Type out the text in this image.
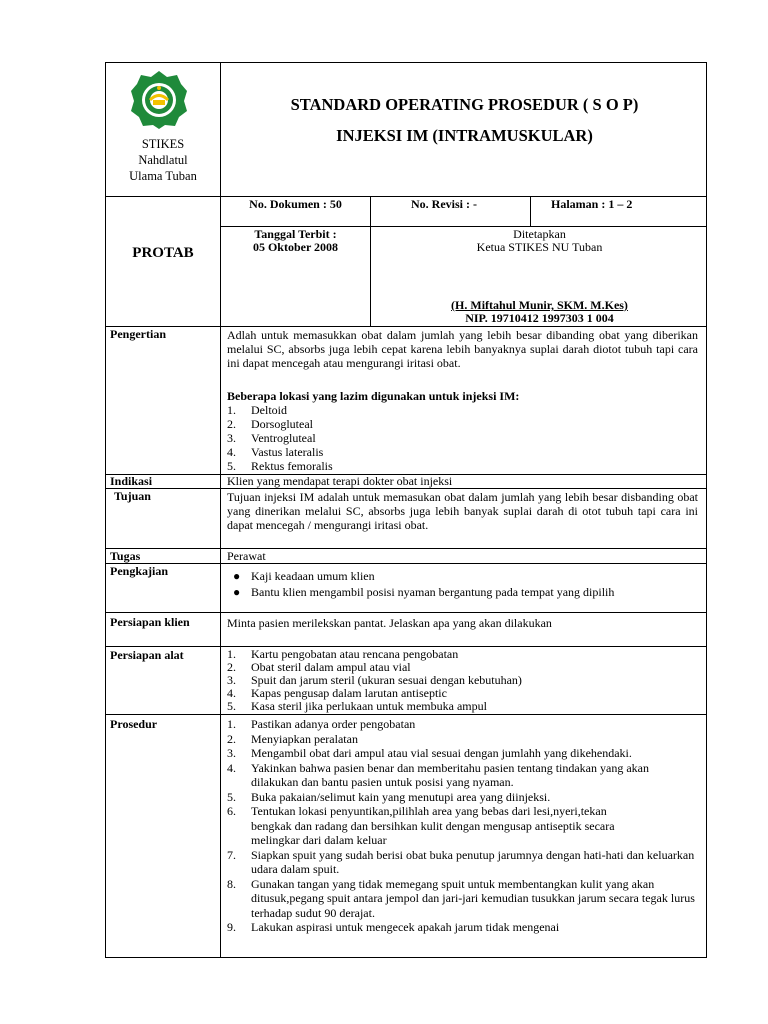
STIKES
Nahdlatul
Ulama Tuban
STANDARD OPERATING PROSEDUR ( S O P)
INJEKSI IM (INTRAMUSKULAR)
PROTAB
No. Dokumen : 50	No. Revisi : -	Halaman : 1 – 2
Tanggal Terbit :
05 Oktober 2008
Ditetapkan
Ketua STIKES NU Tuban
(H. Miftahul Munir, SKM. M.Kes)
NIP. 19710412 1997303 1 004
Pengertian	Adlah untuk memasukkan obat dalam jumlah yang lebih besar dibanding obat yang diberikan melalui SC, absorbs juga lebih cepat karena lebih banyaknya suplai darah diotot tubuh tapi cara ini dapat mencegah atau mengurangi iritasi obat.
Beberapa lokasi yang lazim digunakan untuk injeksi IM:
1. Deltoid
2. Dorsogluteal
3. Ventrogluteal
4. Vastus lateralis
5. Rektus femoralis
Indikasi	Klien yang mendapat terapi dokter obat injeksi
Tujuan	Tujuan injeksi IM adalah untuk memasukan obat dalam jumlah yang lebih besar disbanding obat yang dinerikan melalui SC, absorbs juga lebih banyak suplai darah di otot tubuh tapi cara ini dapat mencegah / mengurangi iritasi obat.
Tugas	Perawat
Pengkajian	● Kaji keadaan umum klien
● Bantu klien mengambil posisi nyaman bergantung pada tempat yang dipilih
Persiapan klien	Minta pasien merilekskan pantat. Jelaskan apa yang akan dilakukan
Persiapan alat	1. Kartu pengobatan atau rencana pengobatan
2. Obat steril dalam ampul atau vial
3. Spuit dan jarum steril (ukuran sesuai dengan kebutuhan)
4. Kapas pengusap dalam larutan antiseptic
5. Kasa steril jika perlukaan untuk membuka ampul
Prosedur	1. Pastikan adanya order pengobatan
2. Menyiapkan peralatan
3. Mengambil obat dari ampul atau vial sesuai dengan jumlahh yang dikehendaki.
4. Yakinkan bahwa pasien benar dan memberitahu pasien tentang tindakan yang akan dilakukan dan bantu pasien untuk posisi yang nyaman.
5. Buka pakaian/selimut kain yang menutupi area yang diinjeksi.
6. Tentukan lokasi penyuntikan,pilihlah area yang bebas dari lesi,nyeri,tekan bengkak dan radang dan bersihkan kulit dengan mengusap antiseptik secara melingkar dari dalam keluar
7. Siapkan spuit yang sudah berisi obat buka penutup jarumnya dengan hati-hati dan keluarkan udara dalam spuit.
8. Gunakan tangan yang tidak memegang spuit untuk membentangkan kulit yang akan ditusuk,pegang spuit antara jempol dan jari-jari kemudian tusukkan jarum secara tegak lurus terhadap sudut 90 derajat.
9. Lakukan aspirasi untuk mengecek apakah jarum tidak mengenai
